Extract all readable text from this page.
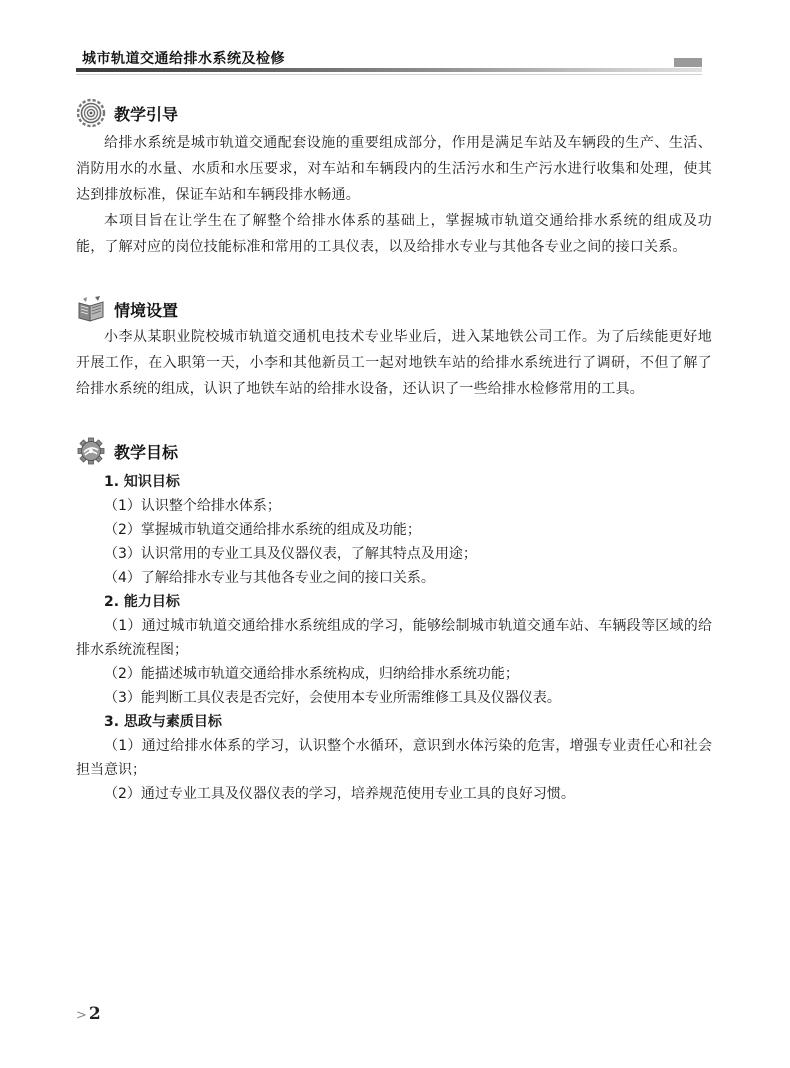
城市轨道交通给排水系统及检修
教学引导

给排水系统是城市轨道交通配套设施的重要组成部分，作用是满足车站及车辆段的生产、生活、消防用水的水量、水质和水压要求，对车站和车辆段内的生活污水和生产污水进行收集和处理，使其达到排放标准，保证车站和车辆段排水畅通。

本项目旨在让学生在了解整个给排水体系的基础上，掌握城市轨道交通给排水系统的组成及功能，了解对应的岗位技能标准和常用的工具仪表，以及给排水专业与其他各专业之间的接口关系。

情境设置

小李从某职业院校城市轨道交通机电技术专业毕业后，进入某地铁公司工作。为了后续能更好地开展工作，在入职第一天，小李和其他新员工一起对地铁车站的给排水系统进行了调研，不但了解了给排水系统的组成，认识了地铁车站的给排水设备，还认识了一些给排水检修常用的工具。

教学目标

1. 知识目标

（1）认识整个给排水体系；

（2）掌握城市轨道交通给排水系统的组成及功能；

（3）认识常用的专业工具及仪器仪表，了解其特点及用途；

（4）了解给排水专业与其他各专业之间的接口关系。

2. 能力目标

（1）通过城市轨道交通给排水系统组成的学习，能够绘制城市轨道交通车站、车辆段等区域的给排水系统流程图；

（2）能描述城市轨道交通给排水系统构成，归纳给排水系统功能；

（3）能判断工具仪表是否完好，会使用本专业所需维修工具及仪器仪表。

3. 思政与素质目标

（1）通过给排水体系的学习，认识整个水循环，意识到水体污染的危害，增强专业责任心和社会担当意识；

（2）通过专业工具及仪器仪表的学习，培养规范使用专业工具的良好习惯。

> 2
